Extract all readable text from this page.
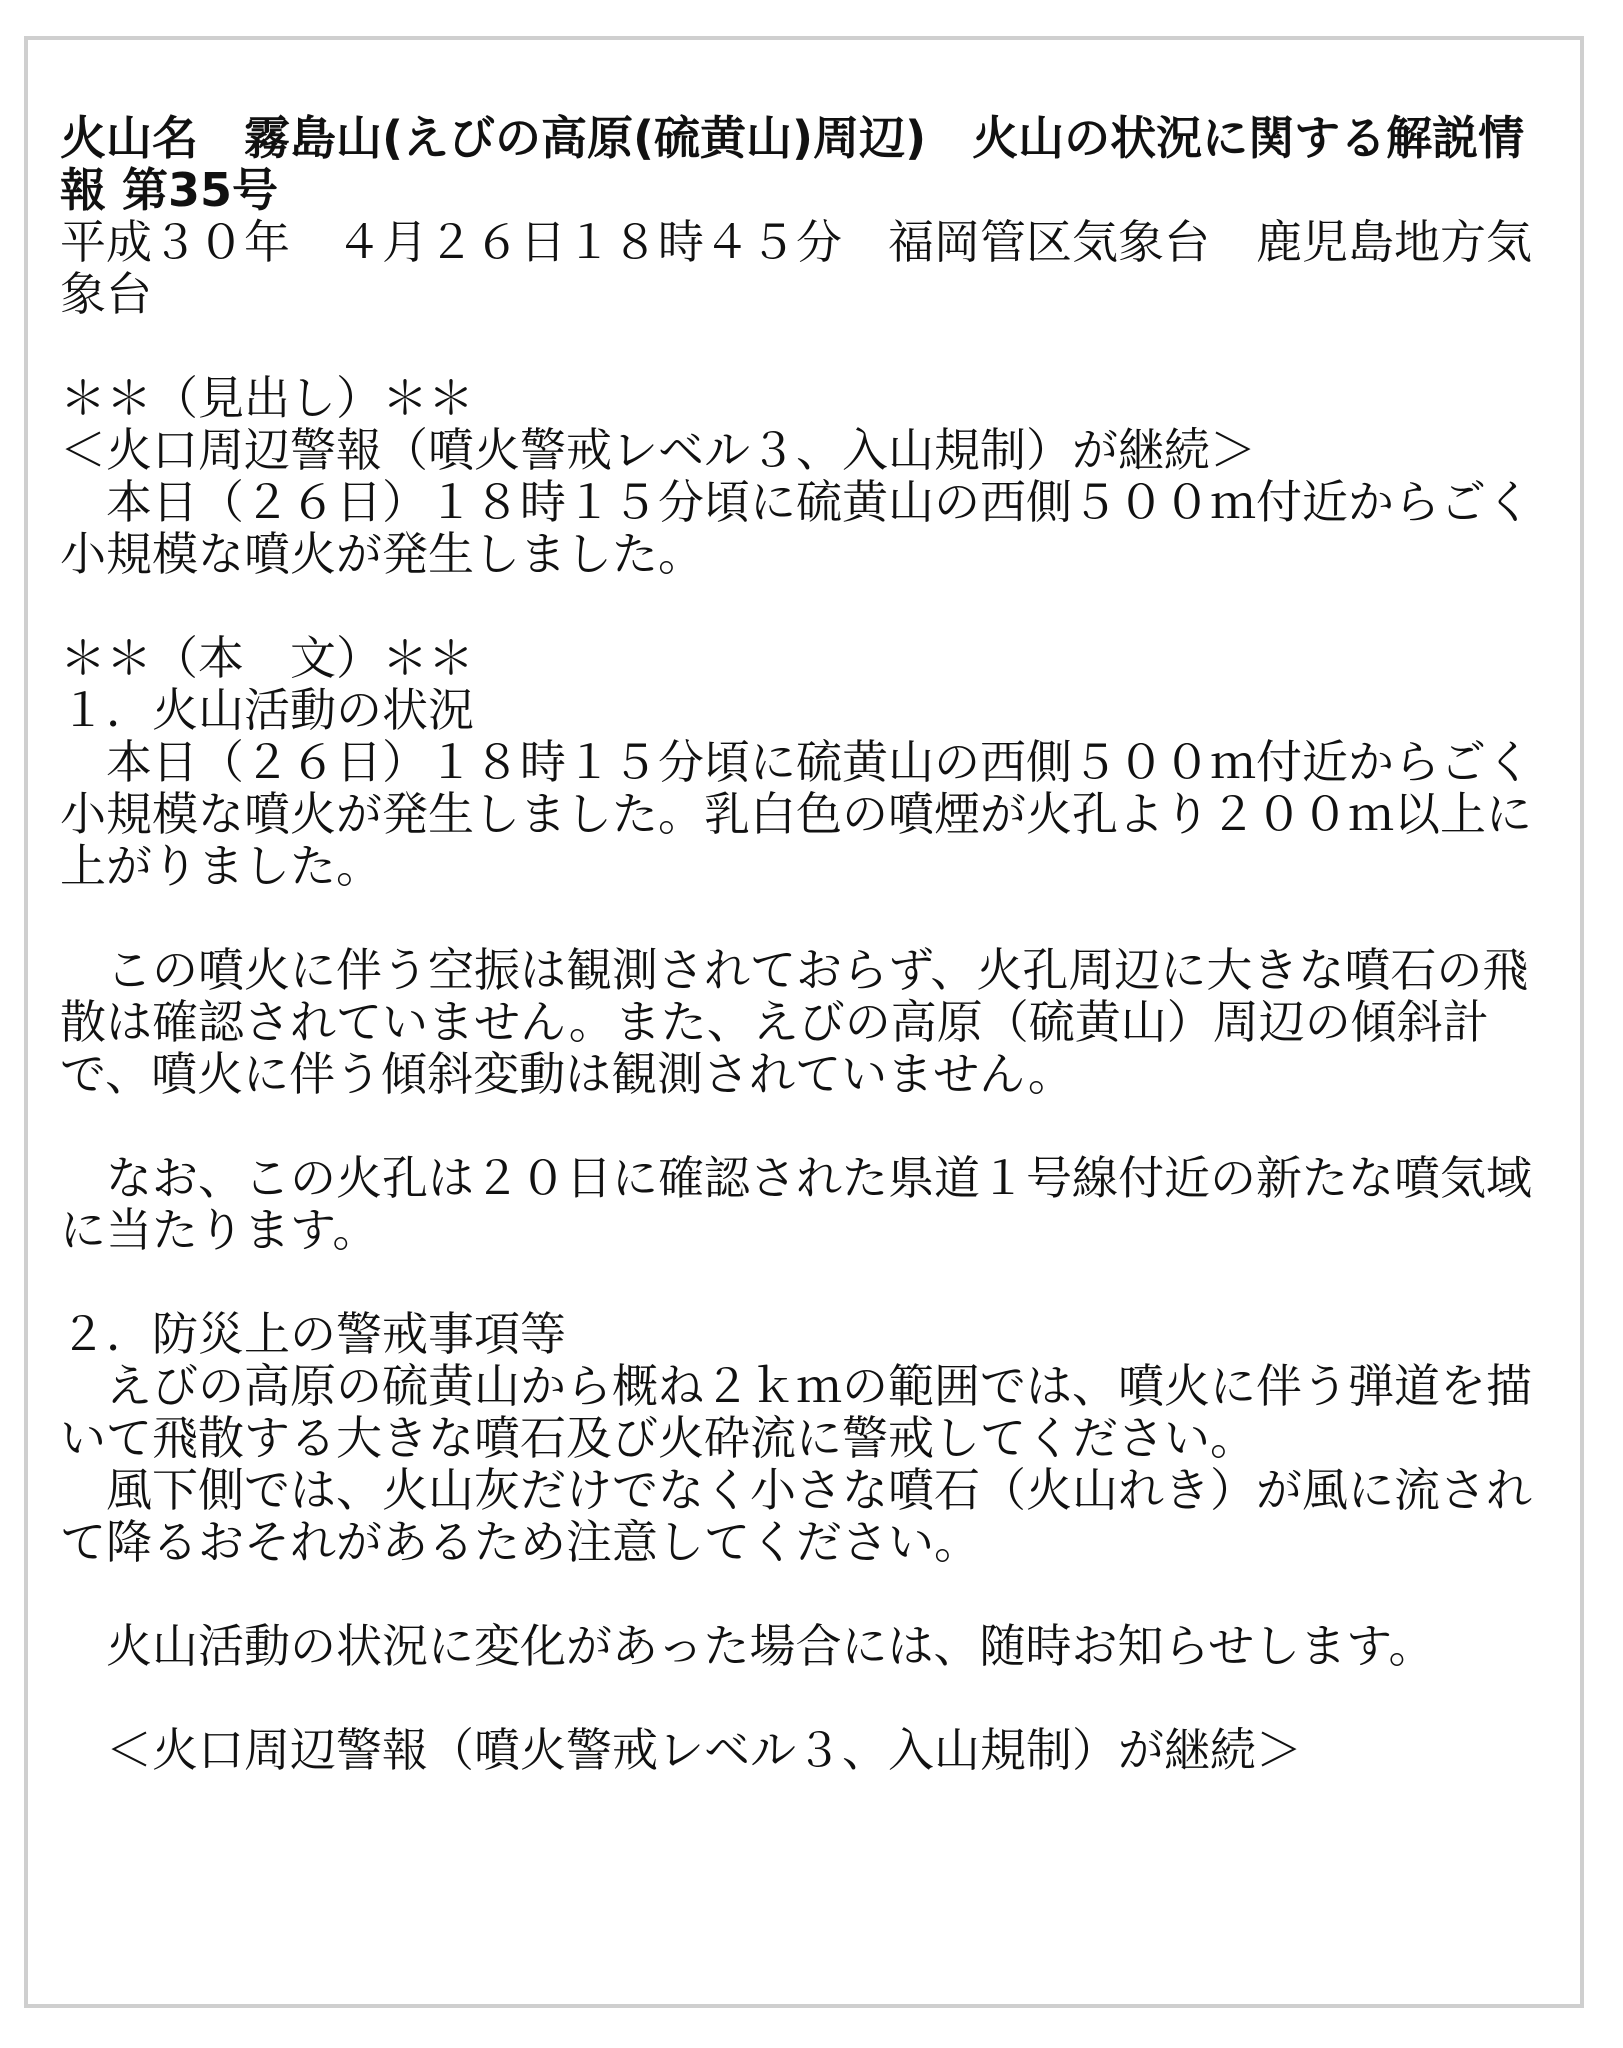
火山名　霧島山(えびの高原(硫黄山)周辺)　火山の状況に関する解説情報 第35号

平成３０年　４月２６日１８時４５分　福岡管区気象台　鹿児島地方気象台
＊＊（見出し）＊＊
＜火口周辺警報（噴火警戒レベル３、入山規制）が継続＞
　本日（２６日）１８時１５分頃に硫黄山の西側５００ｍ付近からごく小規模な噴火が発生しました。
＊＊（本　文）＊＊
１．火山活動の状況
　本日（２６日）１８時１５分頃に硫黄山の西側５００ｍ付近からごく小規模な噴火が発生しました。乳白色の噴煙が火孔より２００ｍ以上に上がりました。
　この噴火に伴う空振は観測されておらず、火孔周辺に大きな噴石の飛散は確認されていません。また、えびの高原（硫黄山）周辺の傾斜計で、噴火に伴う傾斜変動は観測されていません。
　なお、この火孔は２０日に確認された県道１号線付近の新たな噴気域に当たります。
２．防災上の警戒事項等
　えびの高原の硫黄山から概ね２ｋｍの範囲では、噴火に伴う弾道を描いて飛散する大きな噴石及び火砕流に警戒してください。
　風下側では、火山灰だけでなく小さな噴石（火山れき）が風に流されて降るおそれがあるため注意してください。
　火山活動の状況に変化があった場合には、随時お知らせします。
　＜火口周辺警報（噴火警戒レベル３、入山規制）が継続＞
